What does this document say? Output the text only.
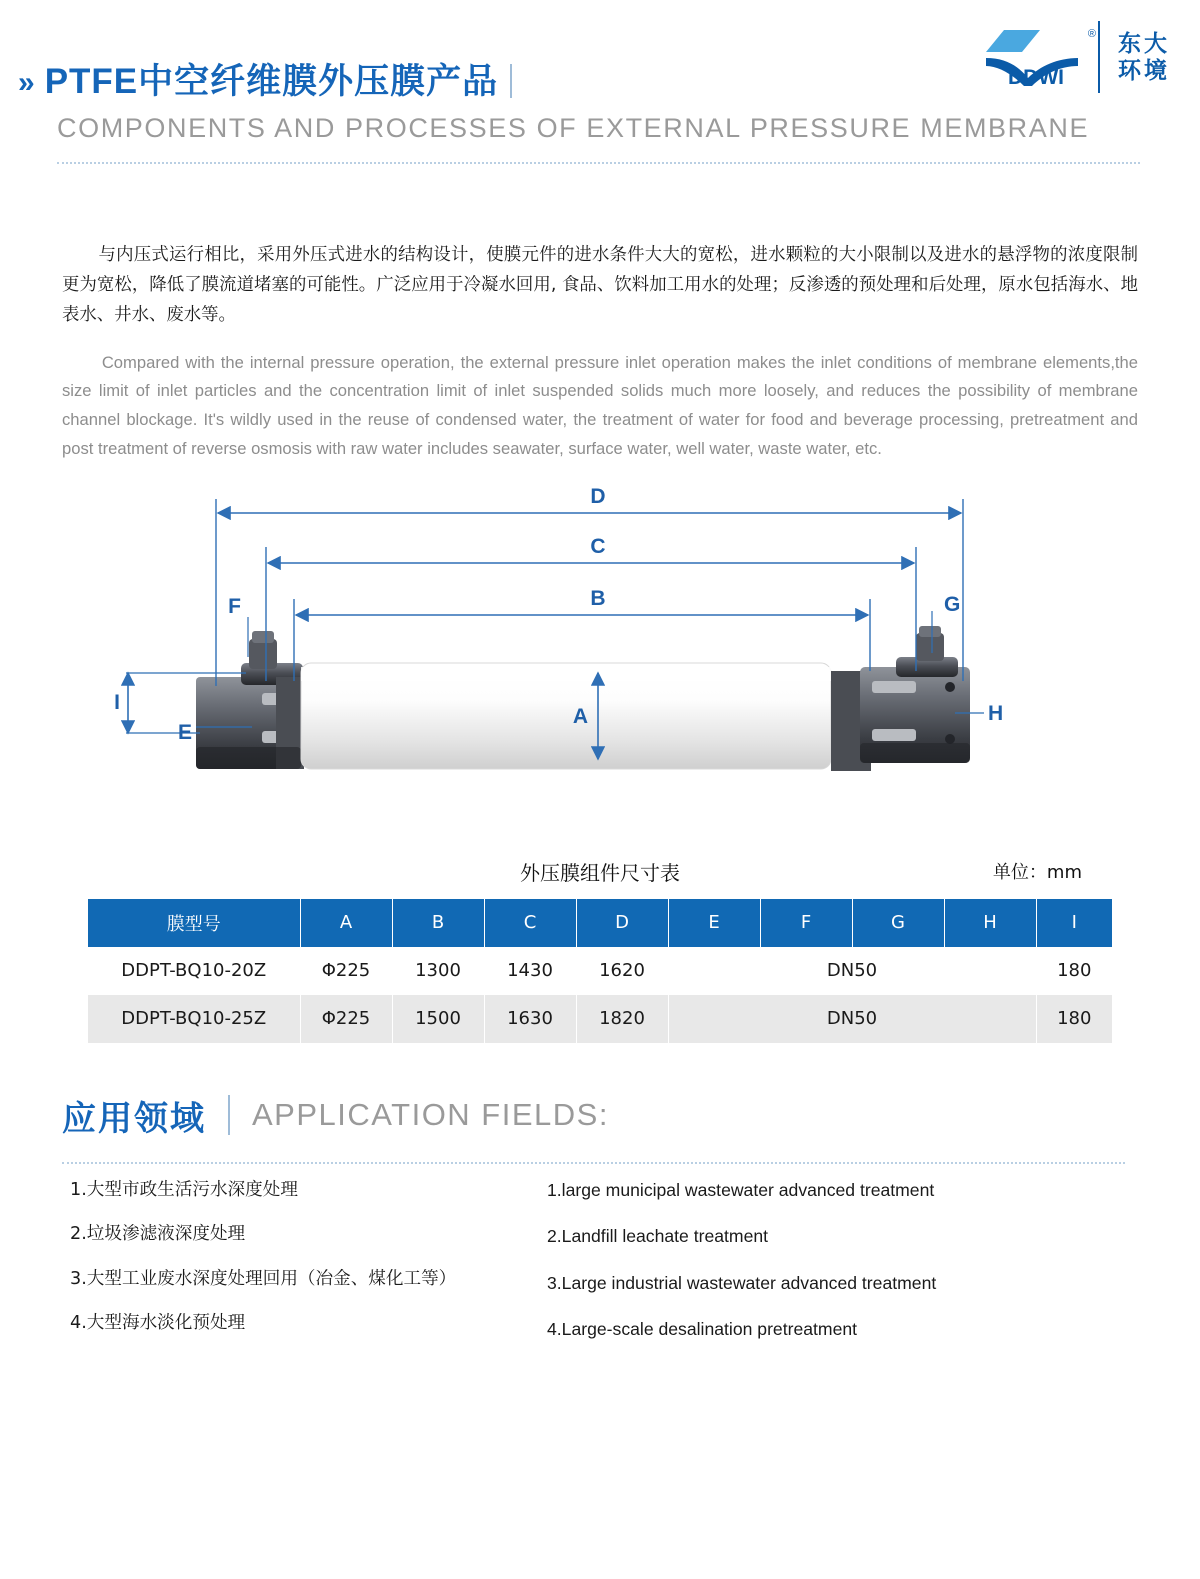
DDWI
® 东大
环境
» PTFE中空纤维膜外压膜产品
COMPONENTS AND PROCESSES OF EXTERNAL PRESSURE MEMBRANE

与内压式运行相比，采用外压式进水的结构设计，使膜元件的进水条件大大的宽松，进水颗粒的大小限制以及进水的悬浮物的浓度限制更为宽松，降低了膜流道堵塞的可能性。广泛应用于冷凝水回用, 食品、饮料加工用水的处理；反渗透的预处理和后处理，原水包括海水、地表水、井水、废水等。

Compared with the internal pressure operation, the external pressure inlet operation makes the inlet conditions of membrane elements,the size limit of inlet particles and the concentration limit of inlet suspended solids much more loosely, and reduces the possibility of membrane channel blockage. It's wildly used in the reuse of condensed water, the treatment of water for food and beverage processing, pretreatment and post treatment of reverse osmosis with raw water includes seawater, surface water, well water, waste water, etc.

D
C
B
A
I
F
E
G
H
外压膜组件尺寸表	单位：mm
膜型号	A	B	C	D	E	F	G	H	I
DDPT-BQ10-20Z	Φ225	1300	1430	1620	DN50				180
DDPT-BQ10-25Z	Φ225	1500	1630	1820	DN50				180
应用领域 APPLICATION FIELDS:
1.大型市政生活污水深度处理
2.垃圾渗滤液深度处理
3.大型工业废水深度处理回用（冶金、煤化工等）
4.大型海水淡化预处理
1.large municipal wastewater advanced treatment
2.Landfill leachate treatment
3.Large industrial wastewater advanced treatment
4.Large-scale desalination pretreatment
